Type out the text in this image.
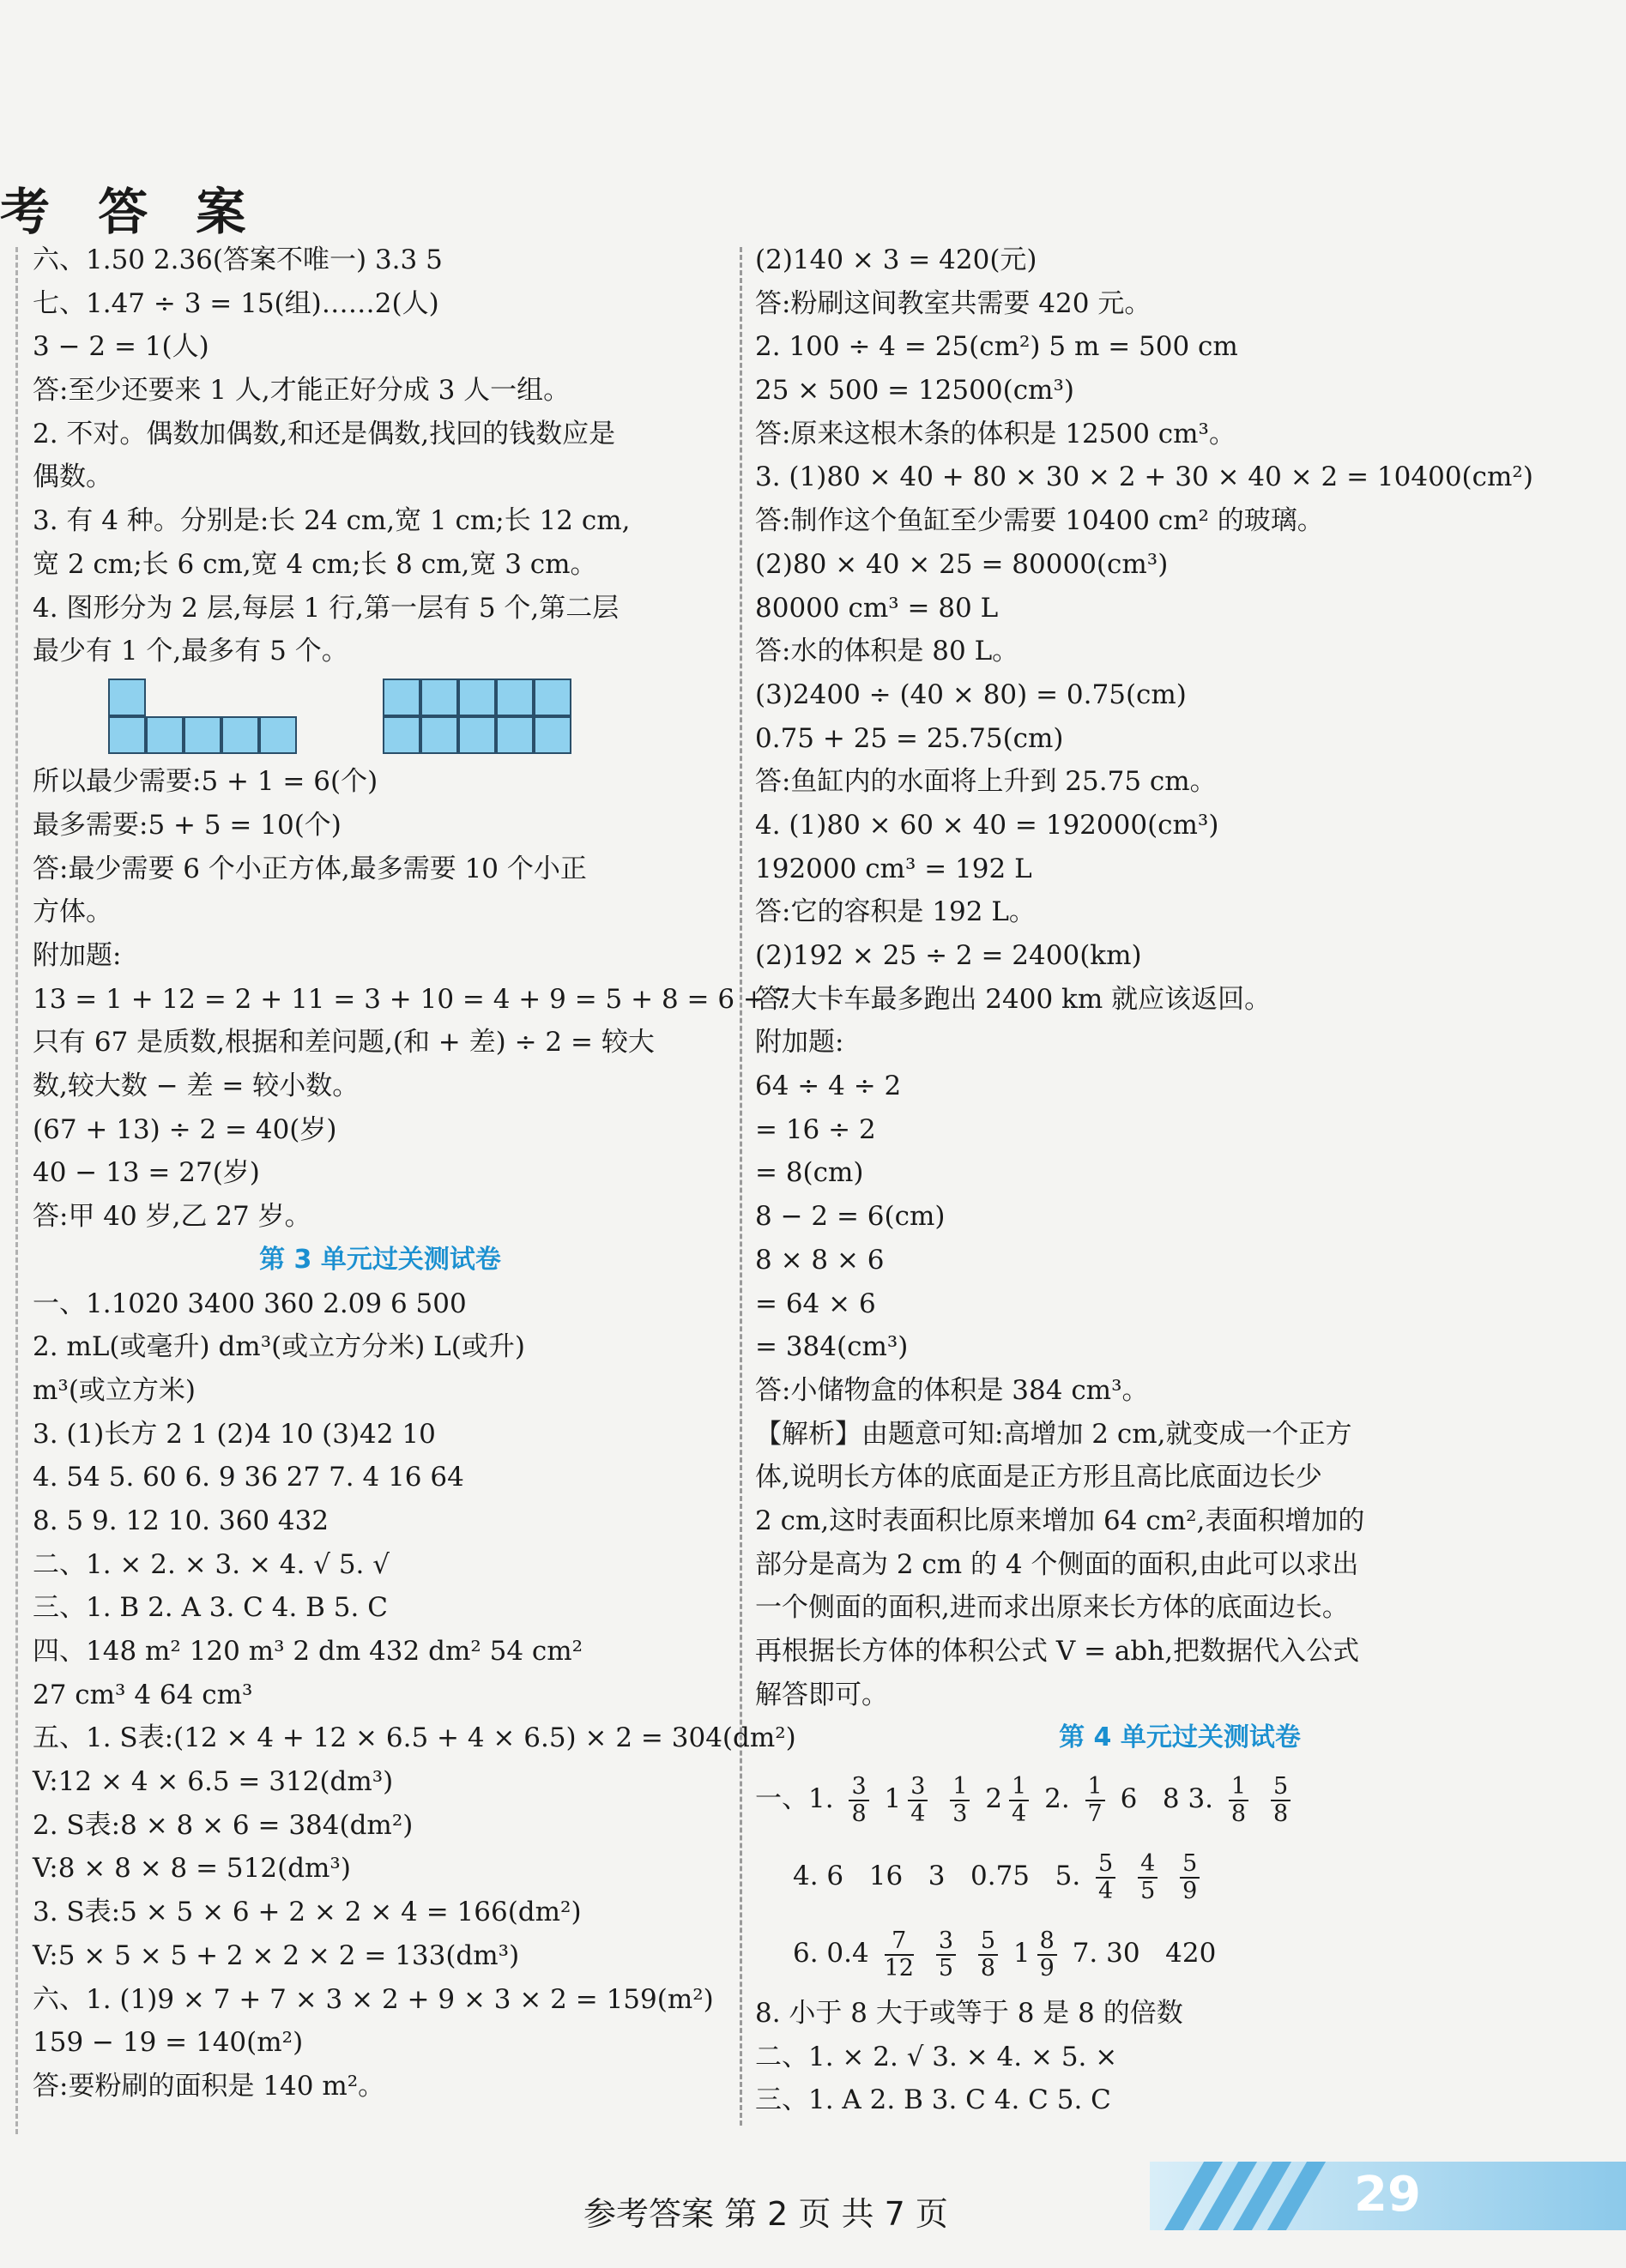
考 答 案
六、1.50 2.36(答案不唯一) 3.3 5
七、1.47 ÷ 3 = 15(组)……2(人)
3 − 2 = 1(人)
答:至少还要来 1 人,才能正好分成 3 人一组。
2. 不对。偶数加偶数,和还是偶数,找回的钱数应是
偶数。
3. 有 4 种。分别是:长 24 cm,宽 1 cm;长 12 cm,
宽 2 cm;长 6 cm,宽 4 cm;长 8 cm,宽 3 cm。
4. 图形分为 2 层,每层 1 行,第一层有 5 个,第二层
最少有 1 个,最多有 5 个。
所以最少需要:5 + 1 = 6(个)
最多需要:5 + 5 = 10(个)
答:最少需要 6 个小正方体,最多需要 10 个小正
方体。
附加题:
13 = 1 + 12 = 2 + 11 = 3 + 10 = 4 + 9 = 5 + 8 = 6 + 7
只有 67 是质数,根据和差问题,(和 + 差) ÷ 2 = 较大
数,较大数 − 差 = 较小数。
(67 + 13) ÷ 2 = 40(岁)
40 − 13 = 27(岁)
答:甲 40 岁,乙 27 岁。
第 3 单元过关测试卷
一、1.1020 3400 360 2.09 6 500
2. mL(或毫升) dm³(或立方分米) L(或升)
m³(或立方米)
3. (1)长方 2 1 (2)4 10 (3)42 10
4. 54 5. 60 6. 9 36 27 7. 4 16 64
8. 5 9. 12 10. 360 432
二、1. × 2. × 3. × 4. √ 5. √
三、1. B 2. A 3. C 4. B 5. C
四、148 m² 120 m³ 2 dm 432 dm² 54 cm²
27 cm³ 4 64 cm³
五、1. S表:(12 × 4 + 12 × 6.5 + 4 × 6.5) × 2 = 304(dm²)
V:12 × 4 × 6.5 = 312(dm³)
2. S表:8 × 8 × 6 = 384(dm²)
V:8 × 8 × 8 = 512(dm³)
3. S表:5 × 5 × 6 + 2 × 2 × 4 = 166(dm²)
V:5 × 5 × 5 + 2 × 2 × 2 = 133(dm³)
六、1. (1)9 × 7 + 7 × 3 × 2 + 9 × 3 × 2 = 159(m²)
159 − 19 = 140(m²)
答:要粉刷的面积是 140 m²。
(2)140 × 3 = 420(元)
答:粉刷这间教室共需要 420 元。
2. 100 ÷ 4 = 25(cm²) 5 m = 500 cm
25 × 500 = 12500(cm³)
答:原来这根木条的体积是 12500 cm³。
3. (1)80 × 40 + 80 × 30 × 2 + 30 × 40 × 2 = 10400(cm²)
答:制作这个鱼缸至少需要 10400 cm² 的玻璃。
(2)80 × 40 × 25 = 80000(cm³)
80000 cm³ = 80 L
答:水的体积是 80 L。
(3)2400 ÷ (40 × 80) = 0.75(cm)
0.75 + 25 = 25.75(cm)
答:鱼缸内的水面将上升到 25.75 cm。
4. (1)80 × 60 × 40 = 192000(cm³)
192000 cm³ = 192 L
答:它的容积是 192 L。
(2)192 × 25 ÷ 2 = 2400(km)
答:大卡车最多跑出 2400 km 就应该返回。
附加题:
64 ÷ 4 ÷ 2
= 16 ÷ 2
= 8(cm)
8 − 2 = 6(cm)
8 × 8 × 6
= 64 × 6
= 384(cm³)
答:小储物盒的体积是 384 cm³。
【解析】由题意可知:高增加 2 cm,就变成一个正方
体,说明长方体的底面是正方形且高比底面边长少
2 cm,这时表面积比原来增加 64 cm²,表面积增加的
部分是高为 2 cm 的 4 个侧面的面积,由此可以求出
一个侧面的面积,进而求出原来长方体的底面边长。
再根据长方体的体积公式 V = abh,把数据代入公式
解答即可。
第 4 单元过关测试卷
一、1. $\frac{3}{8} 1 \frac{3}{4}$
$\frac{1}{3} 2 \frac{1}{4} 2$. $\frac{1}{7} 6$   8 3. $\frac{1}{8}$
$\frac{5}{8}$
4. 6   16   3   0.75   5. $\frac{5}{4}$
$\frac{4}{5}$
$\frac{5}{9}$
6. $0.4 \frac{7}{12}$
$\frac{3}{5}$
$\frac{5}{8} 1 \frac{8}{9} 7$. 30   420
8. 小于 8 大于或等于 8 是 8 的倍数
二、1. × 2. √ 3. × 4. × 5. ×
三、1. A 2. B 3. C 4. C 5. C
参考答案 第 2 页 共 7 页	29
